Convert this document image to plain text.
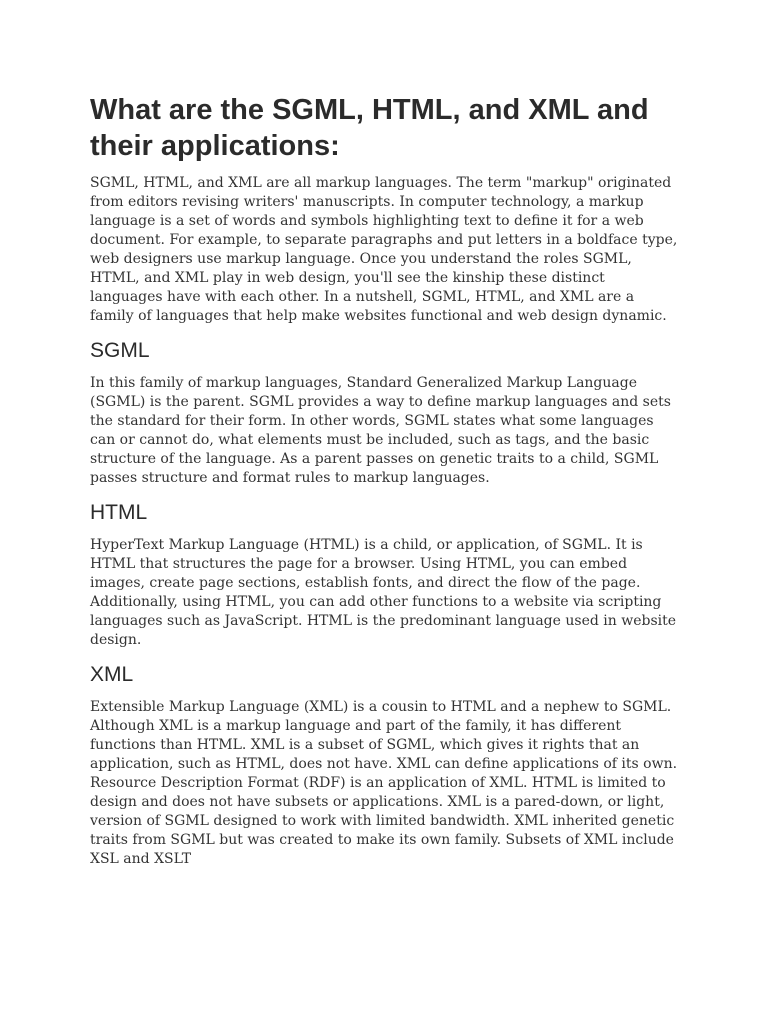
What are the SGML, HTML, and XML and their applications:

SGML, HTML, and XML are all markup languages. The term "markup" originated from editors revising writers' manuscripts. In computer technology, a markup language is a set of words and symbols highlighting text to define it for a web document. For example, to separate paragraphs and put letters in a boldface type, web designers use markup language. Once you understand the roles SGML, HTML, and XML play in web design, you'll see the kinship these distinct languages have with each other. In a nutshell, SGML, HTML, and XML are a family of languages that help make websites functional and web design dynamic.

SGML

In this family of markup languages, Standard Generalized Markup Language (SGML) is the parent. SGML provides a way to define markup languages and sets the standard for their form. In other words, SGML states what some languages can or cannot do, what elements must be included, such as tags, and the basic structure of the language. As a parent passes on genetic traits to a child, SGML passes structure and format rules to markup languages.

HTML

HyperText Markup Language (HTML) is a child, or application, of SGML. It is HTML that structures the page for a browser. Using HTML, you can embed images, create page sections, establish fonts, and direct the flow of the page. Additionally, using HTML, you can add other functions to a website via scripting languages such as JavaScript. HTML is the predominant language used in website design.

XML

Extensible Markup Language (XML) is a cousin to HTML and a nephew to SGML. Although XML is a markup language and part of the family, it has different functions than HTML. XML is a subset of SGML, which gives it rights that an application, such as HTML, does not have. XML can define applications of its own. Resource Description Format (RDF) is an application of XML. HTML is limited to design and does not have subsets or applications. XML is a pared-down, or light, version of SGML designed to work with limited bandwidth. XML inherited genetic traits from SGML but was created to make its own family. Subsets of XML include XSL and XSLT
